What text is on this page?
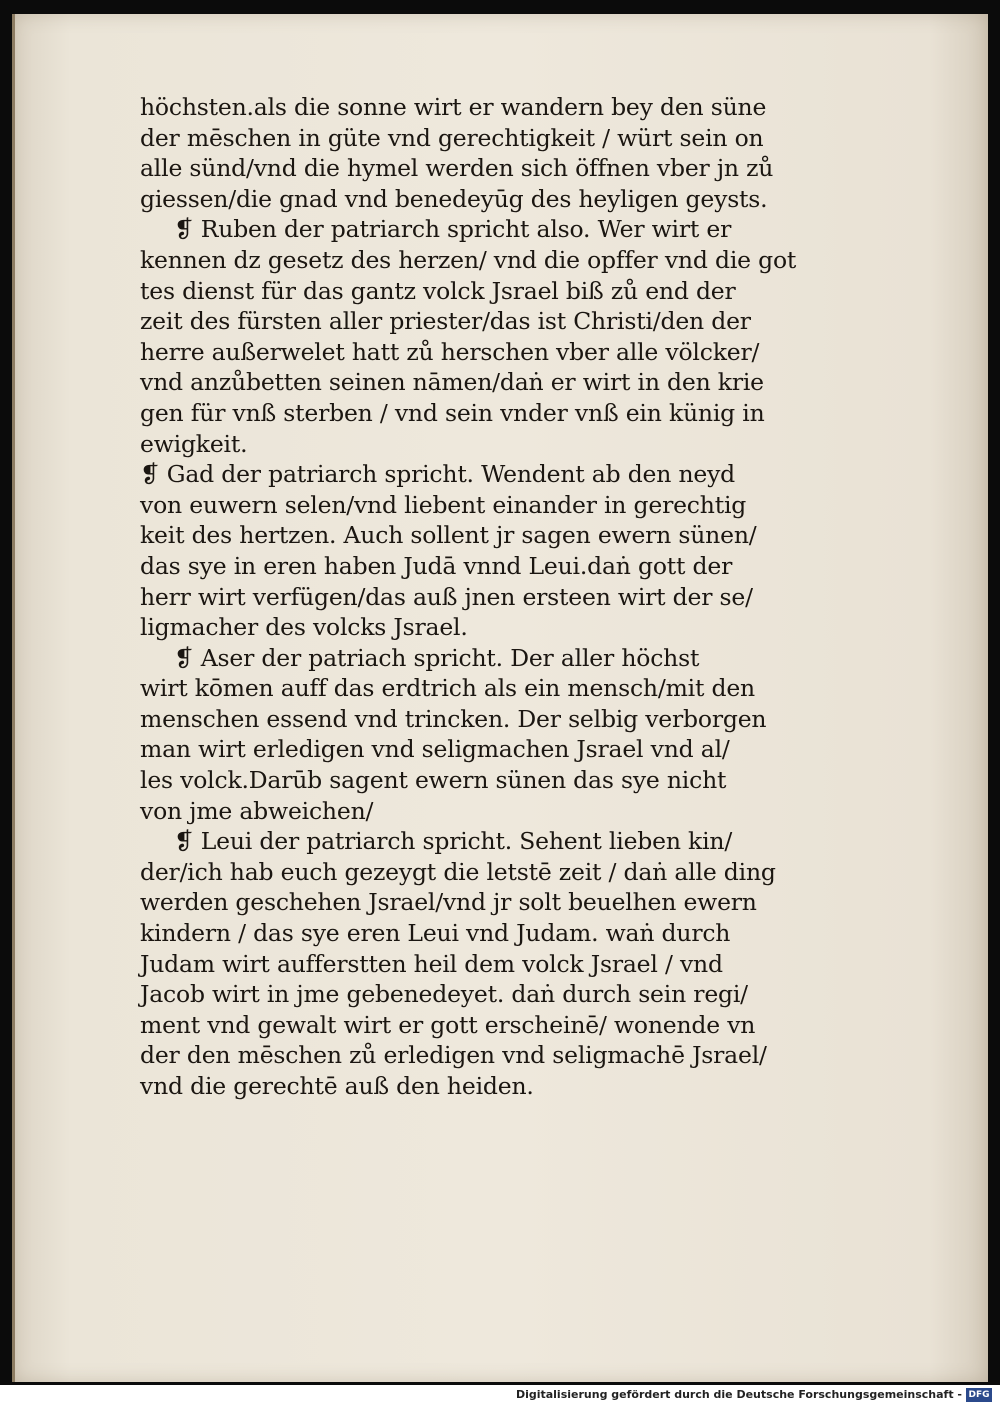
höchsten.als die sonne wirt er wandern bey den süne
der mēschen in güte vnd gerechtigkeit / würt sein on
alle sünd/vnd die hymel werden sich öffnen vber jn zů
giessen/die gnad vnd benedeyūg des heyligen geysts.
❡ Ruben der patriarch spricht also. Wer wirt er
kennen dz gesetz des herzen/ vnd die opffer vnd die got
tes dienst für das gantz volck Jsrael biß zů end der
zeit des fürsten aller priester/das ist Christi/den der
herre außerwelet hatt zů herschen vber alle völcker/
vnd anzůbetten seinen nāmen/daṅ er wirt in den krie
gen für vnß sterben / vnd sein vnder vnß ein künig in
ewigkeit.
❡ Gad der patriarch spricht. Wendent ab den neyd
von euwern selen/vnd liebent einander in gerechtig
keit des hertzen. Auch sollent jr sagen ewern sünen/
das sye in eren haben Judā vnnd Leui.daṅ gott der
herr wirt verfügen/das auß jnen ersteen wirt der se/
ligmacher des volcks Jsrael.
❡ Aser der patriach spricht. Der aller höchst
wirt kōmen auff das erdtrich als ein mensch/mit den
menschen essend vnd trincken. Der selbig verborgen
man wirt erledigen vnd seligmachen Jsrael vnd al/
les volck.Darūb sagent ewern sünen das sye nicht
von jme abweichen/
❡ Leui der patriarch spricht. Sehent lieben kin/
der/ich hab euch gezeygt die letstē zeit / daṅ alle ding
werden geschehen Jsrael/vnd jr solt beuelhen ewern
kindern / das sye eren Leui vnd Judam. waṅ durch
Judam wirt aufferstten heil dem volck Jsrael / vnd
Jacob wirt in jme gebenedeyet. daṅ durch sein regi/
ment vnd gewalt wirt er gott erscheinē/ wonende vn
der den mēschen zů erledigen vnd seligmachē Jsrael/
vnd die gerechtē auß den heiden.
Digitalisierung gefördert durch die Deutsche Forschungsgemeinschaft - DFG
